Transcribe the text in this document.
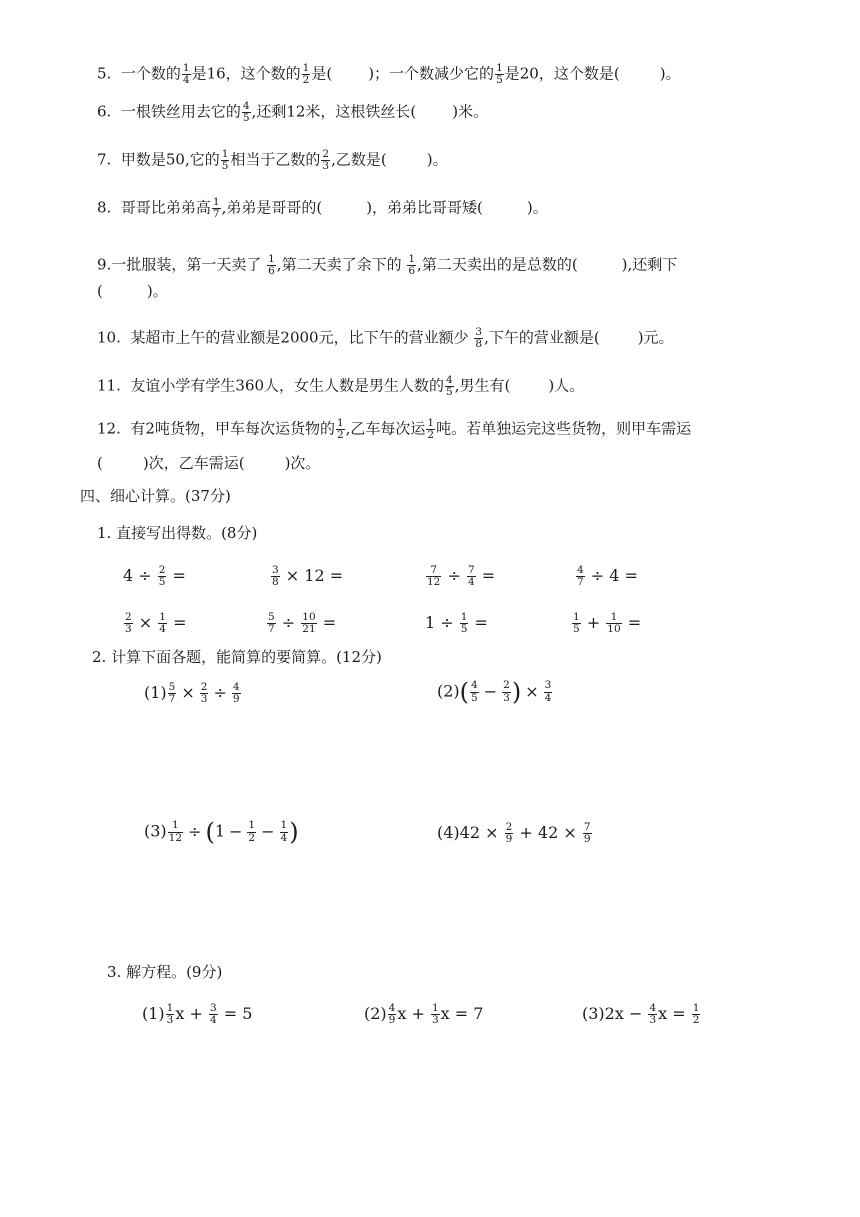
5. 一个数的 $\frac{1}{4}$ 是16，这个数的 $\frac{1}{2}$ 是( )；一个数减少它的 $\frac{1}{5}$ 是20，这个数是(	)。
6. 一根铁丝用去它的 $\frac{4}{5}$ ,还剩12米，这根铁丝长( )米。
7. 甲数是50,它的 $\frac{1}{5}$ 相当于乙数的 $\frac{2}{3}$ ,乙数是(	)。
8. 哥哥比弟弟高 $\frac{1}{7}$ ,弟弟是哥哥的(	)，弟弟比哥哥矮(	)。
9.一批服装，第一天卖了 $\frac{1}{6}$ ,第二天卖了余下的 $\frac{1}{6}$ ,第二天卖出的是总数的(	),还剩下
(	)。
10. 某超市上午的营业额是2000元，比下午的营业额少 $\frac{3}{8}$ ,下午的营业额是(	)元。
11. 友谊小学有学生360人，女生人数是男生人数的 $\frac{4}{5}$ ,男生有(	)人。
12. 有2吨货物，甲车每次运货物的 $\frac{1}{2}$ ,乙车每次运 $\frac{1}{2}$ 吨。若单独运完这些货物，则甲车需运
(	)次，乙车需运(	)次。
四、细心计算。(37分)
1. 直接写出得数。(8分)
$4 \div \frac{2}{5}$ =	$\frac{3}{8} \times 12$ =	$\frac{7}{12} \div \frac{7}{4}$ =	$\frac{4}{7} \div 4$ =
$\frac{2}{3} \times \frac{1}{4}$ =	$\frac{5}{7} \div \frac{10}{21}$ =	$1 \div \frac{1}{5}$ =	$\frac{1}{5} + \frac{1}{10}$ =
2. 计算下面各题，能简算的要简算。(12分)
$(1) \frac{5}{7} \times \frac{2}{3} \div \frac{4}{9}$	$(2)( \frac{4}{5} - \frac{2}{3}$ ) × $\frac{3}{4}$
$(3) \frac{1}{12} \div (1 - \frac{1}{2} - \frac{1}{4}$ )	$(4)42 \times \frac{2}{9} + 42 \times \frac{7}{9}$
3. 解方程。(9分)
$(1) \frac{1}{3}$ $x + \frac{3}{4} = 5$	$(2) \frac{4}{9}$ $x + \frac{1}{3}$ x = 7	$(3)2x - \frac{4}{3}$ $x = \frac{1}{2}$
